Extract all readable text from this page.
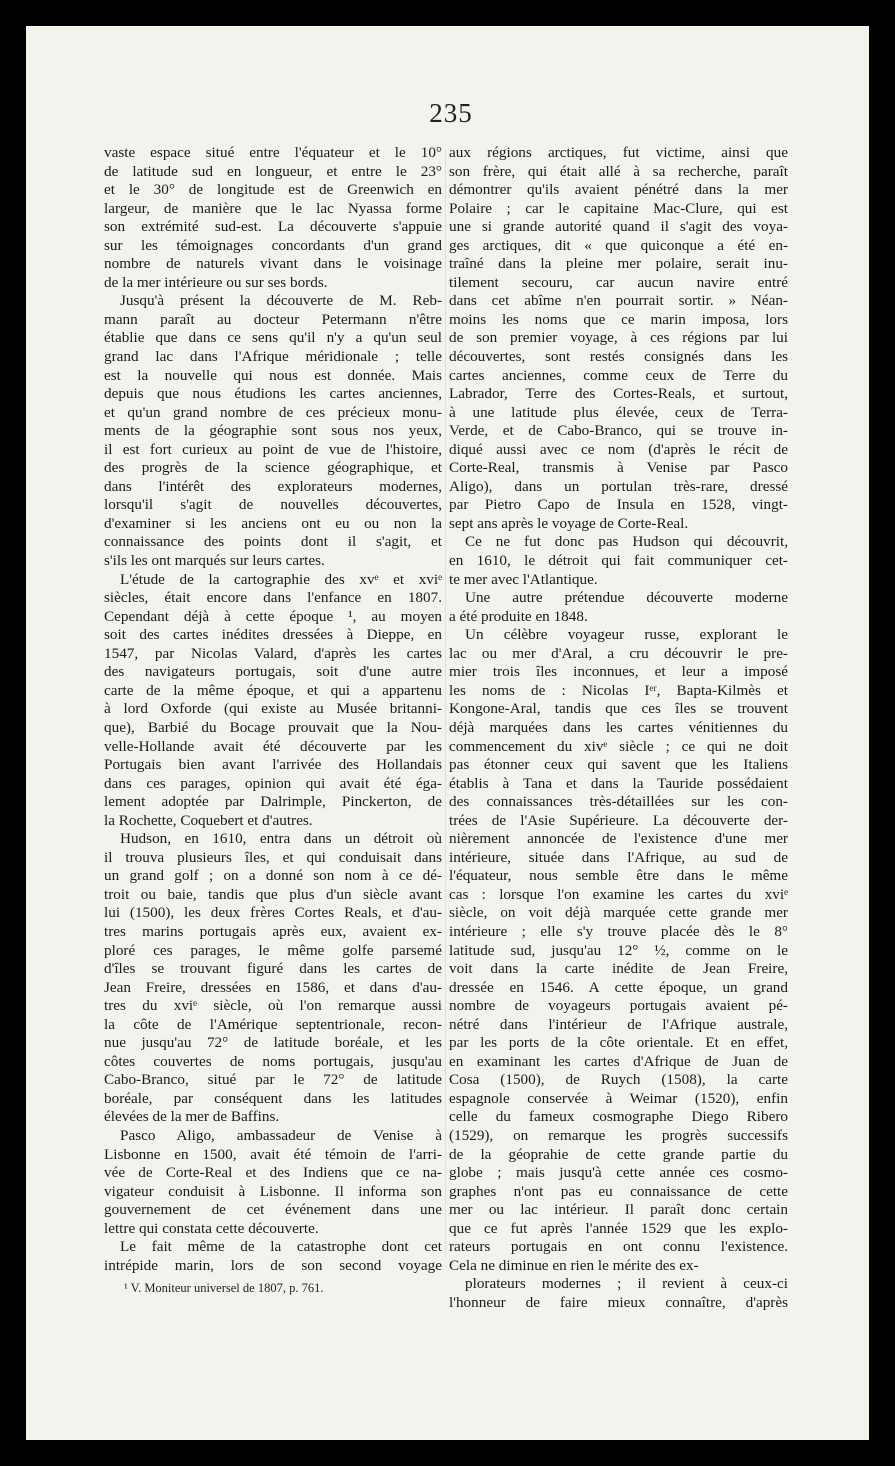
235
vaste espace situé entre l'équateur et le 10°
de latitude sud en longueur, et entre le 23°
et le 30° de longitude est de Greenwich en
largeur, de manière que le lac Nyassa forme
son extrémité sud-est. La découverte s'appuie
sur les témoignages concordants d'un grand
nombre de naturels vivant dans le voisinage
de la mer intérieure ou sur ses bords.
Jusqu'à présent la découverte de M. Reb-
mann paraît au docteur Petermann n'être
établie que dans ce sens qu'il n'y a qu'un seul
grand lac dans l'Afrique méridionale ; telle
est la nouvelle qui nous est donnée. Mais
depuis que nous étudions les cartes anciennes,
et qu'un grand nombre de ces précieux monu-
ments de la géographie sont sous nos yeux,
il est fort curieux au point de vue de l'histoire,
des progrès de la science géographique, et
dans l'intérêt des explorateurs modernes,
lorsqu'il s'agit de nouvelles découvertes,
d'examiner si les anciens ont eu ou non la
connaissance des points dont il s'agit, et
s'ils les ont marqués sur leurs cartes.
L'étude de la cartographie des xvᵉ et xviᵉ
siècles, était encore dans l'enfance en 1807.
Cependant déjà à cette époque ¹, au moyen
soit des cartes inédites dressées à Dieppe, en
1547, par Nicolas Valard, d'après les cartes
des navigateurs portugais, soit d'une autre
carte de la même époque, et qui a appartenu
à lord Oxforde (qui existe au Musée britanni-
que), Barbié du Bocage prouvait que la Nou-
velle-Hollande avait été découverte par les
Portugais bien avant l'arrivée des Hollandais
dans ces parages, opinion qui avait été éga-
lement adoptée par Dalrimple, Pinckerton, de
la Rochette, Coquebert et d'autres.
Hudson, en 1610, entra dans un détroit où
il trouva plusieurs îles, et qui conduisait dans
un grand golf ; on a donné son nom à ce dé-
troit ou baie, tandis que plus d'un siècle avant
lui (1500), les deux frères Cortes Reals, et d'au-
tres marins portugais après eux, avaient ex-
ploré ces parages, le même golfe parsemé
d'îles se trouvant figuré dans les cartes de
Jean Freire, dressées en 1586, et dans d'au-
tres du xviᵉ siècle, où l'on remarque aussi
la côte de l'Amérique septentrionale, recon-
nue jusqu'au 72° de latitude boréale, et les
côtes couvertes de noms portugais, jusqu'au
Cabo-Branco, situé par le 72° de latitude
boréale, par conséquent dans les latitudes
élevées de la mer de Baffins.
Pasco Aligo, ambassadeur de Venise à
Lisbonne en 1500, avait été témoin de l'arri-
vée de Corte-Real et des Indiens que ce na-
vigateur conduisit à Lisbonne. Il informa son
gouvernement de cet événement dans une
lettre qui constata cette découverte.
Le fait même de la catastrophe dont cet
intrépide marin, lors de son second voyage
aux régions arctiques, fut victime, ainsi que
son frère, qui était allé à sa recherche, paraît
démontrer qu'ils avaient pénétré dans la mer
Polaire ; car le capitaine Mac-Clure, qui est
une si grande autorité quand il s'agit des voya-
ges arctiques, dit « que quiconque a été en-
traîné dans la pleine mer polaire, serait inu-
tilement secouru, car aucun navire entré
dans cet abîme n'en pourrait sortir. » Néan-
moins les noms que ce marin imposa, lors
de son premier voyage, à ces régions par lui
découvertes, sont restés consignés dans les
cartes anciennes, comme ceux de Terre du
Labrador, Terre des Cortes-Reals, et surtout,
à une latitude plus élevée, ceux de Terra-
Verde, et de Cabo-Branco, qui se trouve in-
diqué aussi avec ce nom (d'après le récit de
Corte-Real, transmis à Venise par Pasco
Aligo), dans un portulan très-rare, dressé
par Pietro Capo de Insula en 1528, vingt-
sept ans après le voyage de Corte-Real.
Ce ne fut donc pas Hudson qui découvrit,
en 1610, le détroit qui fait communiquer cet-
te mer avec l'Atlantique.
Une autre prétendue découverte moderne
a été produite en 1848.
Un célèbre voyageur russe, explorant le
lac ou mer d'Aral, a cru découvrir le pre-
mier trois îles inconnues, et leur a imposé
les noms de : Nicolas Iᵉʳ, Bapta-Kilmès et
Kongone-Aral, tandis que ces îles se trouvent
déjà marquées dans les cartes vénitiennes du
commencement du xivᵉ siècle ; ce qui ne doit
pas étonner ceux qui savent que les Italiens
établis à Tana et dans la Tauride possédaient
des connaissances très-détaillées sur les con-
trées de l'Asie Supérieure. La découverte der-
nièrement annoncée de l'existence d'une mer
intérieure, située dans l'Afrique, au sud de
l'équateur, nous semble être dans le même
cas : lorsque l'on examine les cartes du xviᵉ
siècle, on voit déjà marquée cette grande mer
intérieure ; elle s'y trouve placée dès le 8°
latitude sud, jusqu'au 12° ½, comme on le
voit dans la carte inédite de Jean Freire,
dressée en 1546. A cette époque, un grand
nombre de voyageurs portugais avaient pé-
nétré dans l'intérieur de l'Afrique australe,
par les ports de la côte orientale. Et en effet,
en examinant les cartes d'Afrique de Juan de
Cosa (1500), de Ruych (1508), la carte
espagnole conservée à Weimar (1520), enfin
celle du fameux cosmographe Diego Ribero
(1529), on remarque les progrès successifs
de la géoprahie de cette grande partie du
globe ; mais jusqu'à cette année ces cosmo-
graphes n'ont pas eu connaissance de cette
mer ou lac intérieur. Il paraît donc certain
que ce fut après l'année 1529 que les explo-
rateurs portugais en ont connu l'existence.
Cela ne diminue en rien le mérite des ex-
plorateurs modernes ; il revient à ceux-ci
l'honneur de faire mieux connaître, d'après
¹ V. Moniteur universel de 1807, p. 761.
